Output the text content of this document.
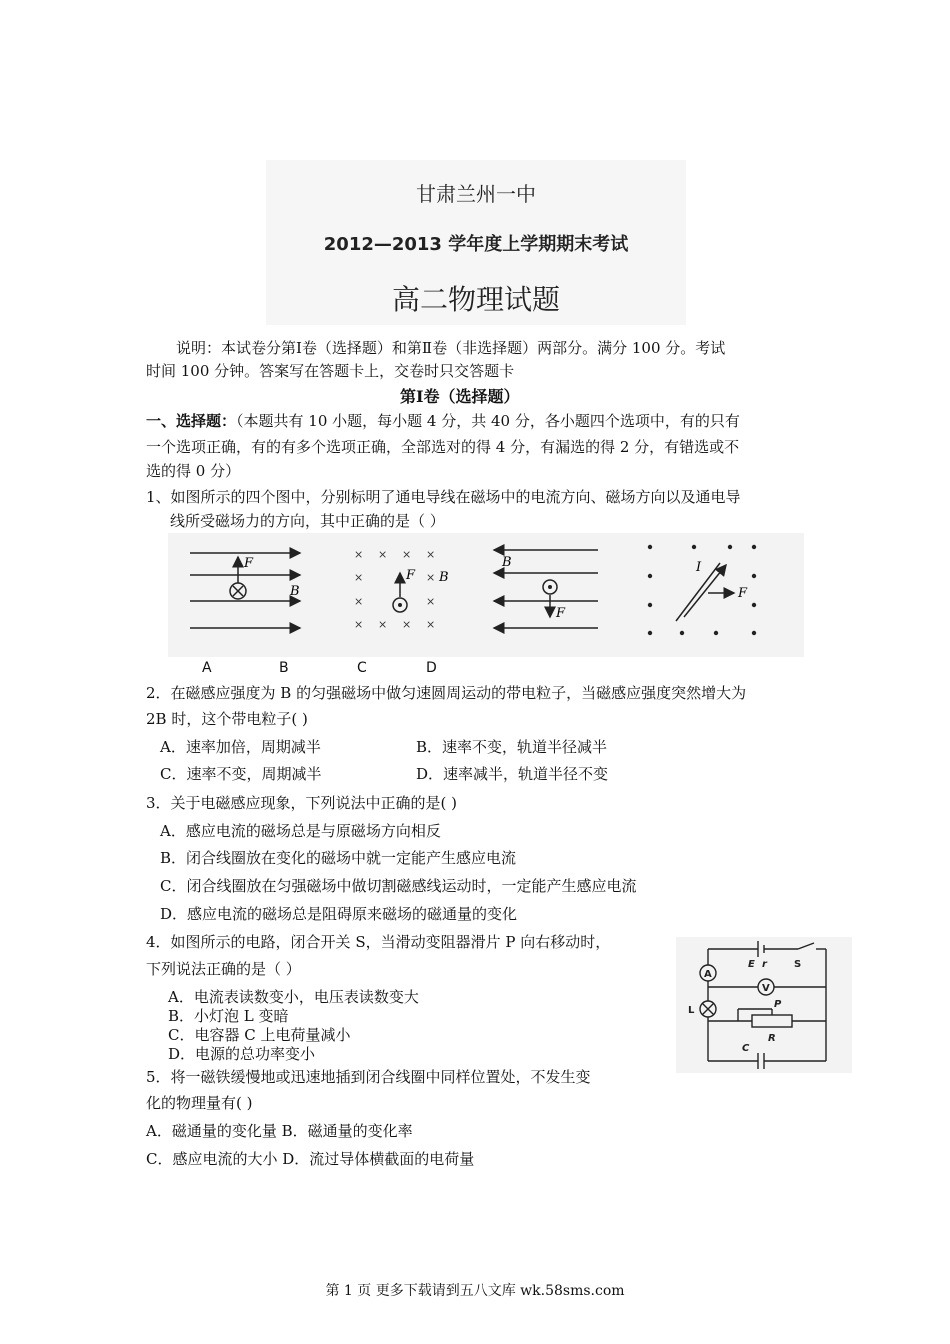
甘肃兰州一中
2012—2013 学年度上学期期末考试
高二物理试题
说明：本试卷分第Ⅰ卷（选择题）和第Ⅱ卷（非选择题）两部分。满分 100 分。考试
时间 100 分钟。答案写在答题卡上，交卷时只交答题卡
第Ⅰ卷（选择题）
一、选择题：（本题共有 10 小题，每小题 4 分，共 40 分，各小题四个选项中，有的只有
一个选项正确，有的有多个选项正确，全部选对的得 4 分，有漏选的得 2 分，有错选或不
选的得 0 分）
1、如图所示的四个图中，分别标明了通电导线在磁场中的电流方向、磁场方向以及通电导
线所受磁场力的方向，其中正确的是（ ）
F
B
× × × ×
×	×
×	×
× × × ×
F B
B
F
I
F
A	B	C	D
2．在磁感应强度为 B 的匀强磁场中做匀速圆周运动的带电粒子，当磁感应强度突然增大为
2B 时，这个带电粒子( )
A．速率加倍，周期减半	B．速率不变，轨道半径减半
C．速率不变，周期减半	D．速率减半，轨道半径不变
3．关于电磁感应现象，下列说法中正确的是( )
A．感应电流的磁场总是与原磁场方向相反
B．闭合线圈放在变化的磁场中就一定能产生感应电流
C．闭合线圈放在匀强磁场中做切割磁感线运动时，一定能产生感应电流
D．感应电流的磁场总是阻碍原来磁场的磁通量的变化
4．如图所示的电路，闭合开关 S，当滑动变阻器滑片 P 向右移动时，
下列说法正确的是（ ）
A．电流表读数变小，电压表读数变大
B．小灯泡 L 变暗
C．电容器 C 上电荷量减小
D．电源的总功率变小
E r	S
A
V
L
P
R
C
5．将一磁铁缓慢地或迅速地插到闭合线圈中同样位置处，不发生变
化的物理量有( )
A．磁通量的变化量 B．磁通量的变化率
C．感应电流的大小 D．流过导体横截面的电荷量
第 1 页 更多下载请到五八文库 wk.58sms.com
